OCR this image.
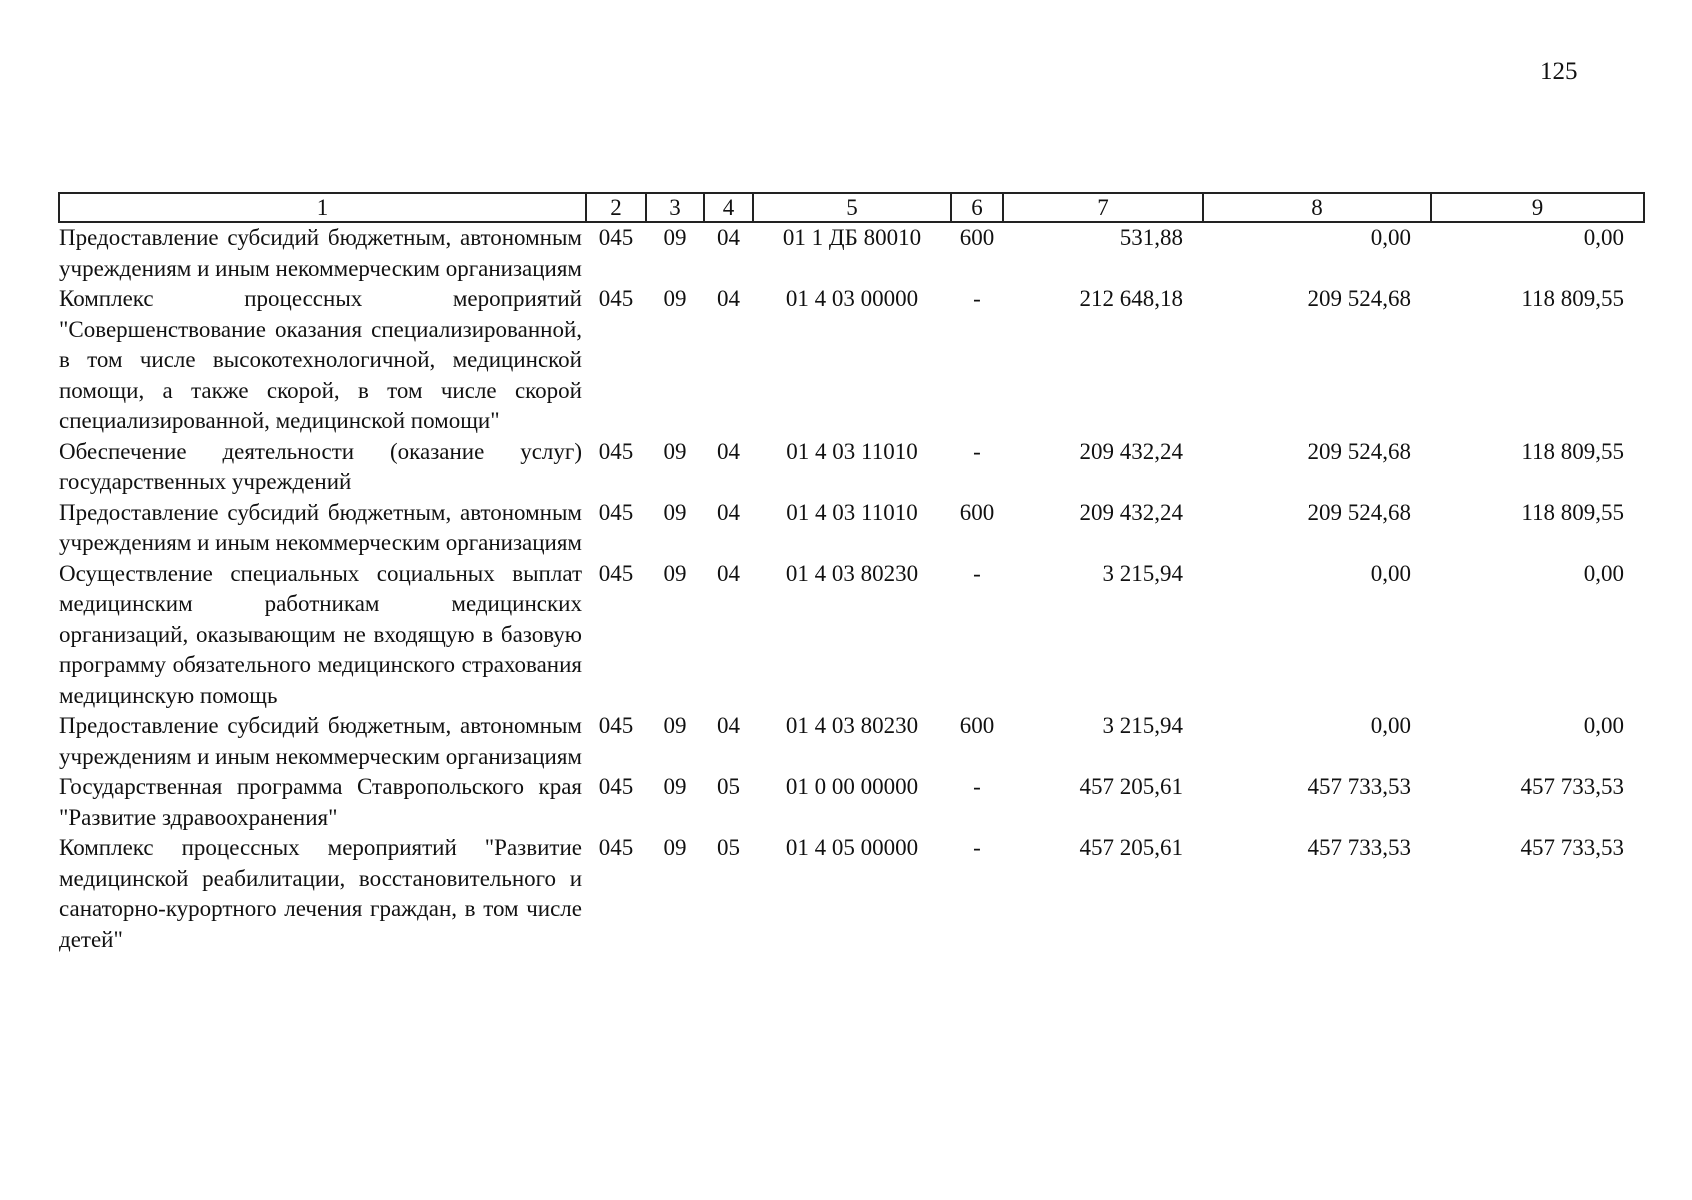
125
1	2	3	4	5	6	7	8	9
Предоставление субсидий бюджетным, автономным учреждениям и иным некоммерческим организациям	045	09	04	01 1 ДБ 80010	600	531,88	0,00	0,00
Комплекс процессных мероприятий "Совершенствование оказания специализированной, в том числе высокотехнологичной, медицинской помощи, а также скорой, в том числе скорой специализированной, медицинской помощи"	045	09	04	01 4 03 00000	-	212 648,18	209 524,68	118 809,55
Обеспечение деятельности (оказание услуг) государственных учреждений	045	09	04	01 4 03 11010	-	209 432,24	209 524,68	118 809,55
Предоставление субсидий бюджетным, автономным учреждениям и иным некоммерческим организациям	045	09	04	01 4 03 11010	600	209 432,24	209 524,68	118 809,55
Осуществление специальных социальных выплат медицинским работникам медицинских организаций, оказывающим не входящую в базовую программу обязательного медицинского страхования медицинскую помощь	045	09	04	01 4 03 80230	-	3 215,94	0,00	0,00
Предоставление субсидий бюджетным, автономным учреждениям и иным некоммерческим организациям	045	09	04	01 4 03 80230	600	3 215,94	0,00	0,00
Государственная программа Ставропольского края "Развитие здравоохранения"	045	09	05	01 0 00 00000	-	457 205,61	457 733,53	457 733,53
Комплекс процессных мероприятий "Развитие медицинской реабилитации, восстановительного и санаторно-курортного лечения граждан, в том числе детей"	045	09	05	01 4 05 00000	-	457 205,61	457 733,53	457 733,53
